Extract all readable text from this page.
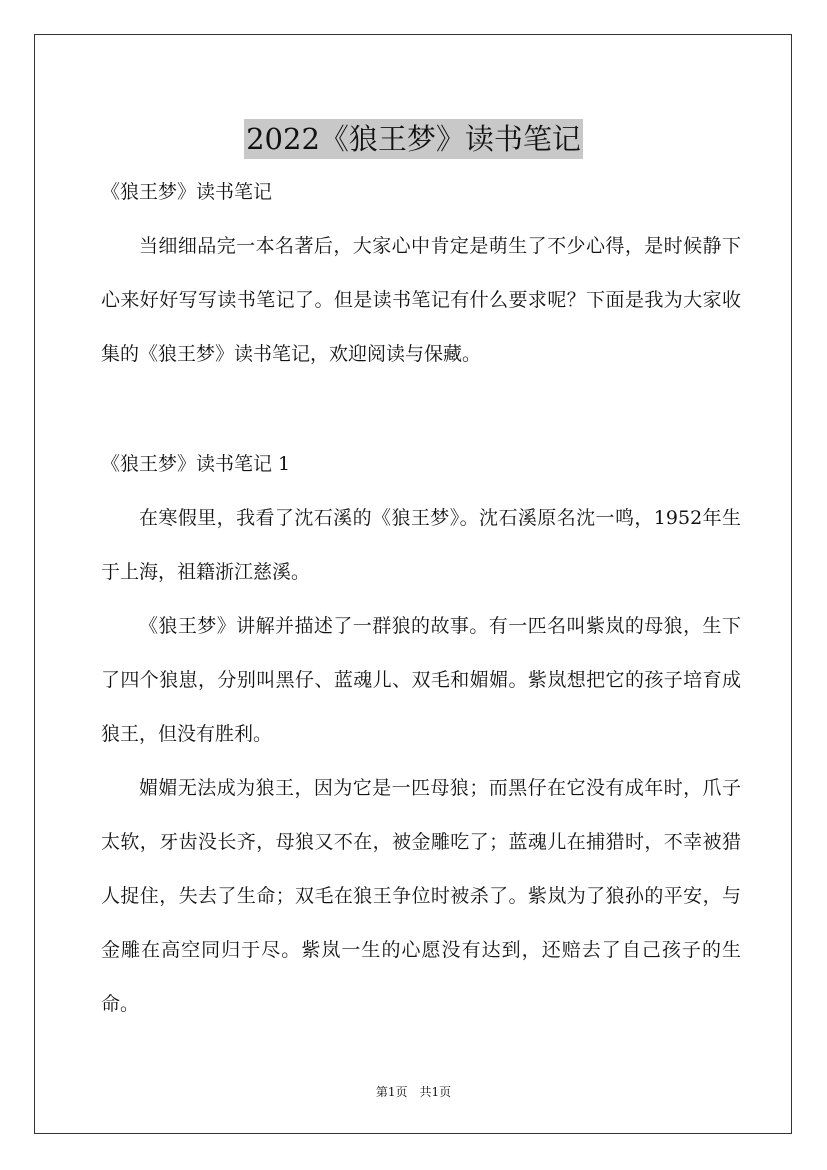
2022《狼王梦》读书笔记

《狼王梦》读书笔记

当细细品完一本名著后，大家心中肯定是萌生了不少心得，是时候静下心来好好写写读书笔记了。但是读书笔记有什么要求呢？下面是我为大家收集的《狼王梦》读书笔记，欢迎阅读与保藏。

《狼王梦》读书笔记 1

在寒假里，我看了沈石溪的《狼王梦》。沈石溪原名沈一鸣，1952年生于上海，祖籍浙江慈溪。

《狼王梦》讲解并描述了一群狼的故事。有一匹名叫紫岚的母狼，生下了四个狼崽，分别叫黑仔、蓝魂儿、双毛和媚媚。紫岚想把它的孩子培育成狼王，但没有胜利。

媚媚无法成为狼王，因为它是一匹母狼；而黑仔在它没有成年时，爪子太软，牙齿没长齐，母狼又不在，被金雕吃了；蓝魂儿在捕猎时，不幸被猎人捉住，失去了生命；双毛在狼王争位时被杀了。紫岚为了狼孙的平安，与金雕在高空同归于尽。紫岚一生的心愿没有达到，还赔去了自己孩子的生命。

第1页　共1页
